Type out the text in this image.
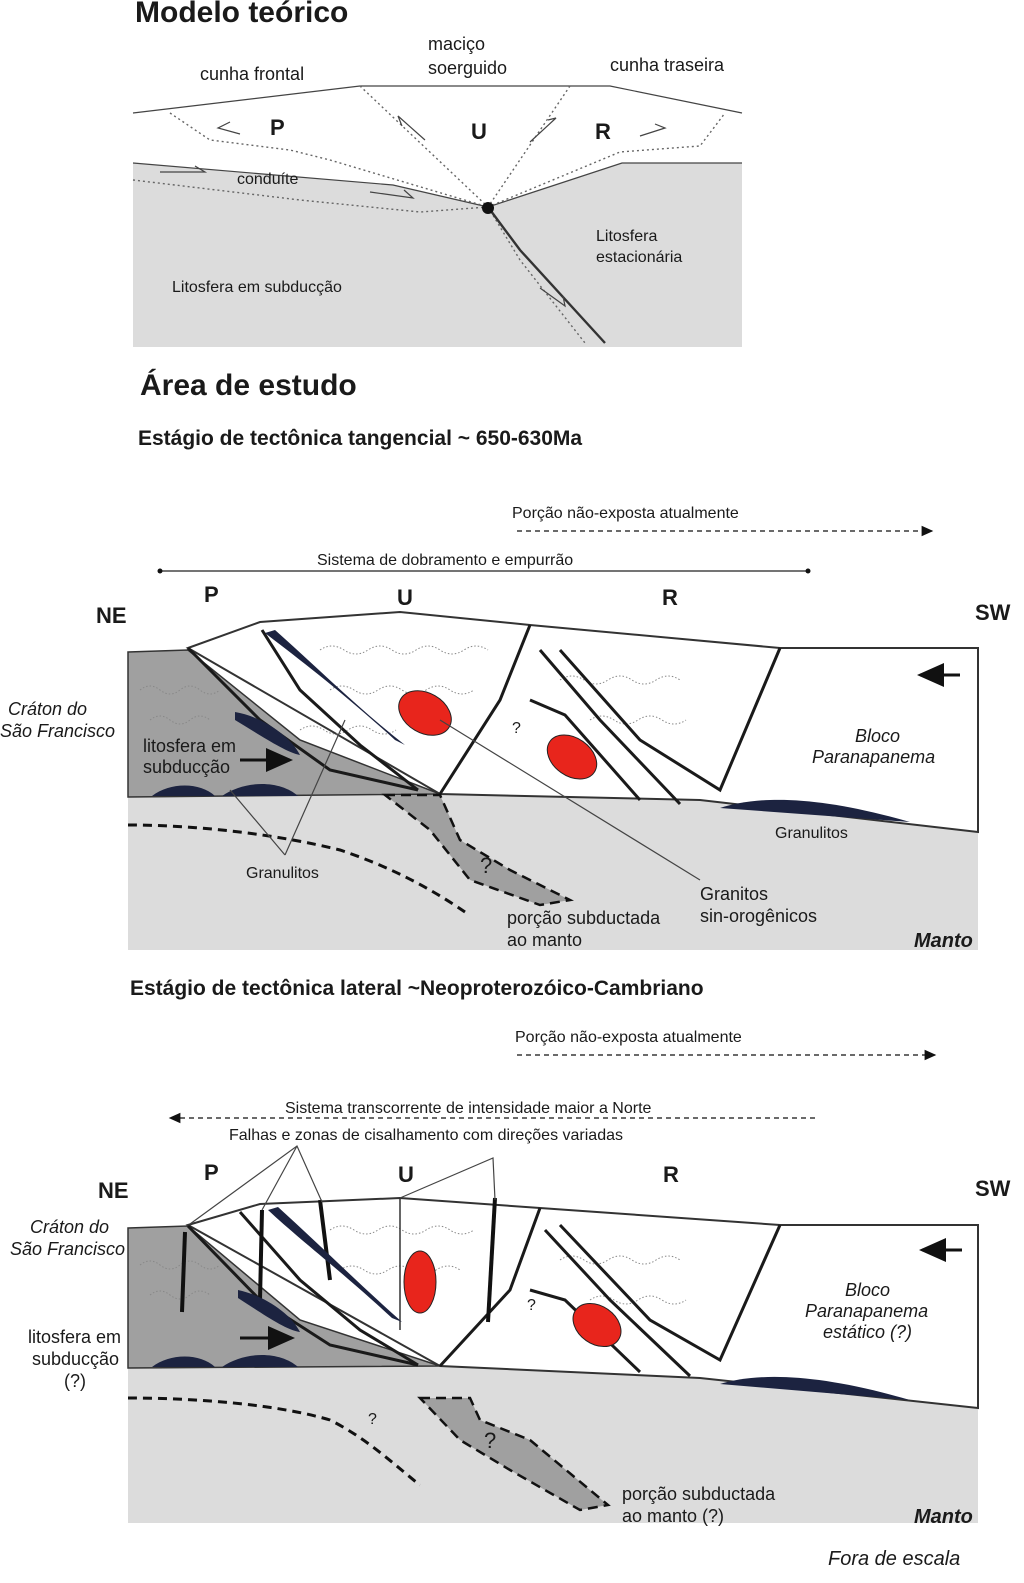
Modelo teórico
cunha frontal
maciço
soerguido	cunha traseira
P	U	R
conduíte
Litosfera
estacionária
Litosfera em subducção
Área de estudo
Estágio de tectônica tangencial ~ 650-630Ma
Porção não-exposta atualmente
Sistema de dobramento e empurrão
NE	SW
P	U	R
?
?
Cráton do
São Francisco
litosfera em
subducção
Bloco
Paranapanema
Granulitos
Granulitos
Granitos
sin-orogênicos
porção subductada
ao manto	Manto
Estágio de tectônica lateral ~Neoproterozóico-Cambriano
Porção não-exposta atualmente
Sistema transcorrente de intensidade maior a Norte
Falhas e zonas de cisalhamento com direções variadas
NE	SW
P	U	R
?
?
?
Cráton do
São Francisco
litosfera em
subducção
(?)
Bloco
Paranapanema
estático (?)
porção subductada
ao manto (?)	Manto
Fora de escala
